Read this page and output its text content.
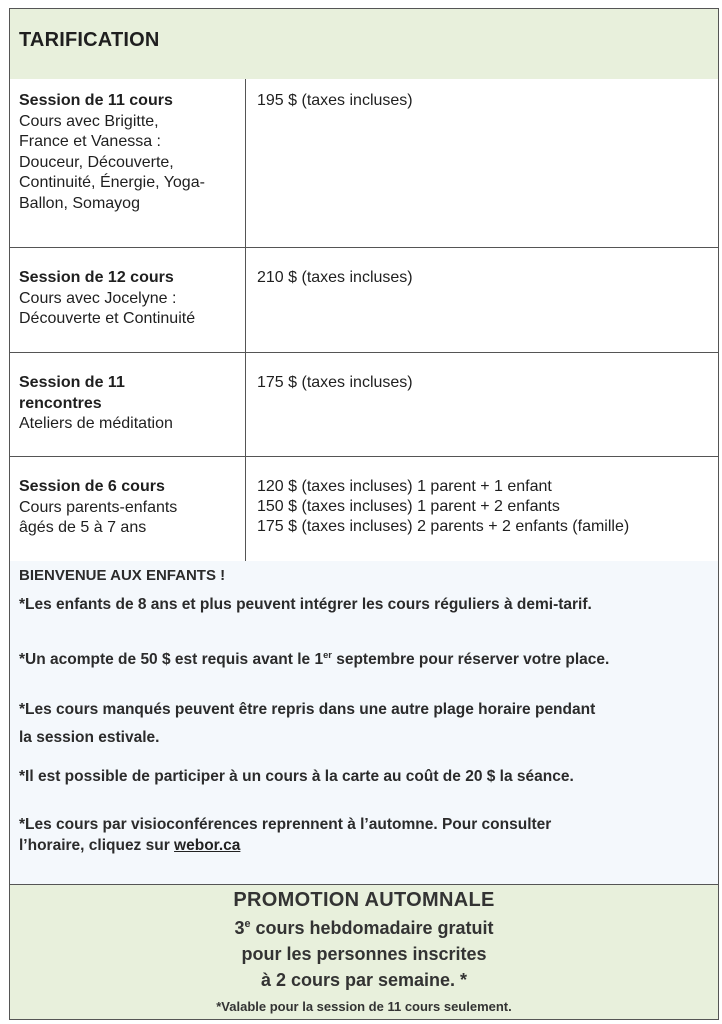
TARIFICATION
Session de 11 cours
Cours avec Brigitte,
France et Vanessa :
Douceur, Découverte,
Continuité, Énergie, Yoga-
Ballon, Somayog
195 $ (taxes incluses)
Session de 12 cours
Cours avec Jocelyne :
Découverte et Continuité
210 $ (taxes incluses)
Session de 11
rencontres
Ateliers de méditation
175 $ (taxes incluses)
Session de 6 cours
Cours parents-enfants
âgés de 5 à 7 ans
120 $ (taxes incluses) 1 parent + 1 enfant
150 $ (taxes incluses) 1 parent + 2 enfants
175 $ (taxes incluses) 2 parents + 2 enfants (famille)
BIENVENUE AUX ENFANTS !
*Les enfants de 8 ans et plus peuvent intégrer les cours réguliers à demi-tarif.
*Un acompte de 50 $ est requis avant le 1er septembre pour réserver votre place.
*Les cours manqués peuvent être repris dans une autre plage horaire pendant
la session estivale.
*Il est possible de participer à un cours à la carte au coût de 20 $ la séance.
*Les cours par visioconférences reprennent à l’automne. Pour consulter
l’horaire, cliquez sur webor.ca
PROMOTION AUTOMNALE
3e cours hebdomadaire gratuit
pour les personnes inscrites
à 2 cours par semaine. *
*Valable pour la session de 11 cours seulement.
